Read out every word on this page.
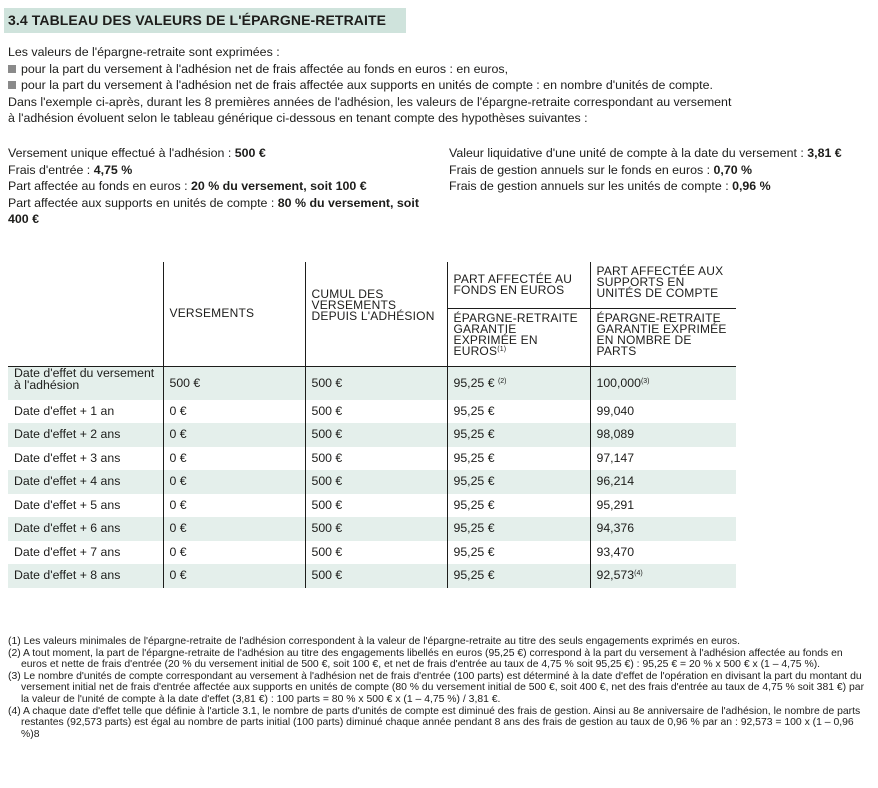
3.4 TABLEAU DES VALEURS DE L'ÉPARGNE-RETRAITE
Les valeurs de l'épargne-retraite sont exprimées :
pour la part du versement à l'adhésion net de frais affectée au fonds en euros : en euros,
pour la part du versement à l'adhésion net de frais affectée aux supports en unités de compte : en nombre d'unités de compte.
Dans l'exemple ci-après, durant les 8 premières années de l'adhésion, les valeurs de l'épargne-retraite correspondant au versement
à l'adhésion évoluent selon le tableau générique ci-dessous en tenant compte des hypothèses suivantes :
Versement unique effectué à l'adhésion : 500 €
Frais d'entrée : 4,75 %
Part affectée au fonds en euros : 20 % du versement, soit 100 €
Part affectée aux supports en unités de compte : 80 % du versement, soit 400 €
Valeur liquidative d'une unité de compte à la date du versement : 3,81 €
Frais de gestion annuels sur le fonds en euros : 0,70 %
Frais de gestion annuels sur les unités de compte : 0,96 %
	VERSEMENTS	CUMUL DES VERSEMENTS DEPUIS L'ADHÉSION	PART AFFECTÉE AU FONDS EN EUROS	PART AFFECTÉE AUX SUPPORTS EN UNITÉS DE COMPTE
			ÉPARGNE-RETRAITE GARANTIE EXPRIMÉE EN EUROS$^{(1)}$	ÉPARGNE-RETRAITE GARANTIE EXPRIMÉE EN NOMBRE DE PARTS
Date d'effet du versement à l'adhésion	500 €	500 €	95,25 € $^{(2)}$	100,000$^{(3)}$
Date d'effet + 1 an	0 €	500 €	95,25 €	99,040
Date d'effet + 2 ans	0 €	500 €	95,25 €	98,089
Date d'effet + 3 ans	0 €	500 €	95,25 €	97,147
Date d'effet + 4 ans	0 €	500 €	95,25 €	96,214
Date d'effet + 5 ans	0 €	500 €	95,25 €	95,291
Date d'effet + 6 ans	0 €	500 €	95,25 €	94,376
Date d'effet + 7 ans	0 €	500 €	95,25 €	93,470
Date d'effet + 8 ans	0 €	500 €	95,25 €	92,573$^{(4)}$
(1) Les valeurs minimales de l'épargne-retraite de l'adhésion correspondent à la valeur de l'épargne-retraite au titre des seuls engagements exprimés en euros.
(2) A tout moment, la part de l'épargne-retraite de l'adhésion au titre des engagements libellés en euros (95,25 €) correspond à la part du versement à l'adhésion affectée au fonds en euros et nette de frais d'entrée (20 % du versement initial de 500 €, soit 100 €, et net de frais d'entrée au taux de 4,75 % soit 95,25 €) : 95,25 € = 20 % x 500 € x (1 – 4,75 %).
(3) Le nombre d'unités de compte correspondant au versement à l'adhésion net de frais d'entrée (100 parts) est déterminé à la date d'effet de l'opération en divisant la part du montant du versement initial net de frais d'entrée affectée aux supports en unités de compte (80 % du versement initial de 500 €, soit 400 €, net des frais d'entrée au taux de 4,75 % soit 381 €) par la valeur de l'unité de compte à la date d'effet (3,81 €) : 100 parts = 80 % x 500 € x (1 – 4,75 %) / 3,81 €.
(4) A chaque date d'effet telle que définie à l'article 3.1, le nombre de parts d'unités de compte est diminué des frais de gestion. Ainsi au 8e anniversaire de l'adhésion, le nombre de parts restantes (92,573 parts) est égal au nombre de parts initial (100 parts) diminué chaque année pendant 8 ans des frais de gestion au taux de 0,96 % par an : 92,573 = 100 x (1 – 0,96 %)8
